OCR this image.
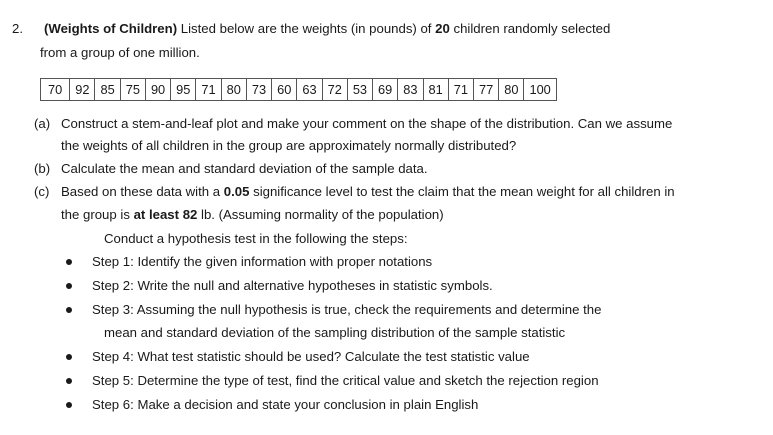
2. (Weights of Children) Listed below are the weights (in pounds) of 20 children randomly selected
from a group of one million.
70	92	85	75	90	95	71	80	73	60	63	72	53	69	83	81	71	77	80	100
(a) Construct a stem-and-leaf plot and make your comment on the shape of the distribution. Can we assume
the weights of all children in the group are approximately normally distributed?
(b) Calculate the mean and standard deviation of the sample data.
(c) Based on these data with a 0.05 significance level to test the claim that the mean weight for all children in
the group is at least 82 lb. (Assuming normality of the population)
Conduct a hypothesis test in the following the steps:
Step 1: Identify the given information with proper notations
Step 2: Write the null and alternative hypotheses in statistic symbols.
Step 3: Assuming the null hypothesis is true, check the requirements and determine the
mean and standard deviation of the sampling distribution of the sample statistic
Step 4: What test statistic should be used? Calculate the test statistic value
Step 5: Determine the type of test, find the critical value and sketch the rejection region
Step 6: Make a decision and state your conclusion in plain English
